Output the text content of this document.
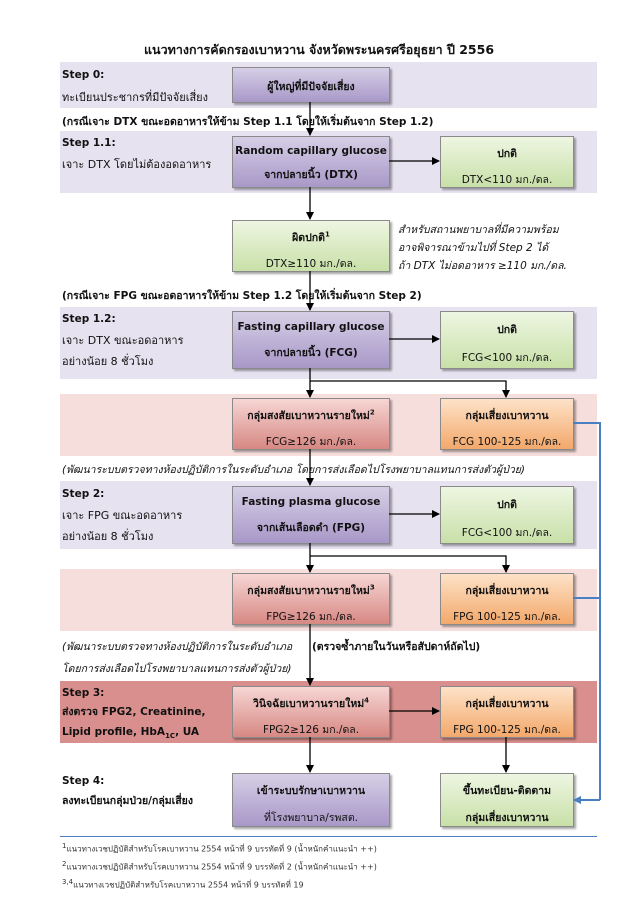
แนวทางการคัดกรองเบาหวาน จังหวัดพระนครศรีอยุธยา ปี 2556
Step 0:
ทะเบียนประชากรที่มีปัจจัยเสี่ยง
ผู้ใหญ่ที่มีปัจจัยเสี่ยง
(กรณีเจาะ DTX ขณะอดอาหารให้ข้าม Step 1.1 โดยให้เริ่มต้นจาก Step 1.2)
Step 1.1:
เจาะ DTX โดยไม่ต้องอดอาหาร
Random capillary glucose
จากปลายนิ้ว (DTX)
ปกติ
DTX<110 มก./ดล.
ผิดปกติ$^1$
DTX≥110 มก./ดล.
สำหรับสถานพยาบาลที่มีความพร้อม
อาจพิจารณาข้ามไปที่ Step 2 ได้
ถ้า DTX ไม่อดอาหาร ≥110 มก./ดล.
(กรณีเจาะ FPG ขณะอดอาหารให้ข้าม Step 1.2 โดยให้เริ่มต้นจาก Step 2)
Step 1.2:
เจาะ DTX ขณะอดอาหาร
อย่างน้อย 8 ชั่วโมง
Fasting capillary glucose
จากปลายนิ้ว (FCG)
ปกติ
FCG<100 มก./ดล.
กลุ่มสงสัยเบาหวานรายใหม่$^2$
FCG≥126 มก./ดล.
กลุ่มเสี่ยงเบาหวาน
FCG 100-125 มก./ดล.
(พัฒนาระบบตรวจทางห้องปฏิบัติการในระดับอำเภอ โดยการส่งเลือดไปโรงพยาบาลแทนการส่งตัวผู้ป่วย)
Step 2:
เจาะ FPG ขณะอดอาหาร
อย่างน้อย 8 ชั่วโมง
Fasting plasma glucose
จากเส้นเลือดดำ (FPG)
ปกติ
FCG<100 มก./ดล.
กลุ่มสงสัยเบาหวานรายใหม่$^3$
FPG≥126 มก./ดล.
กลุ่มเสี่ยงเบาหวาน
FPG 100-125 มก./ดล.
(พัฒนาระบบตรวจทางห้องปฏิบัติการในระดับอำเภอ (ตรวจซ้ำภายในวันหรือสัปดาห์ถัดไป)
โดยการส่งเลือดไปโรงพยาบาลแทนการส่งตัวผู้ป่วย)
Step 3:
ส่งตรวจ FPG2, Creatinine,
Lipid profile, HbA$_{1C}$, UA
วินิจฉัยเบาหวานรายใหม่$^4$
FPG2≥126 มก./ดล.
กลุ่มเสี่ยงเบาหวาน
FPG 100-125 มก./ดล.
Step 4:
ลงทะเบียนกลุ่มป่วย/กลุ่มเสี่ยง
เข้าระบบรักษาเบาหวาน
ที่โรงพยาบาล/รพสต.
ขึ้นทะเบียน-ติดตาม
กลุ่มเสี่ยงเบาหวาน
$^1$แนวทางเวชปฏิบัติสำหรับโรคเบาหวาน 2554 หน้าที่ 9 บรรทัดที่ 9 (น้ำหนักคำแนะนำ ++)
$^2$แนวทางเวชปฏิบัติสำหรับโรคเบาหวาน 2554 หน้าที่ 9 บรรทัดที่ 2 (น้ำหนักคำแนะนำ ++)
$^{3,4}$แนวทางเวชปฏิบัติสำหรับโรคเบาหวาน 2554 หน้าที่ 9 บรรทัดที่ 19
